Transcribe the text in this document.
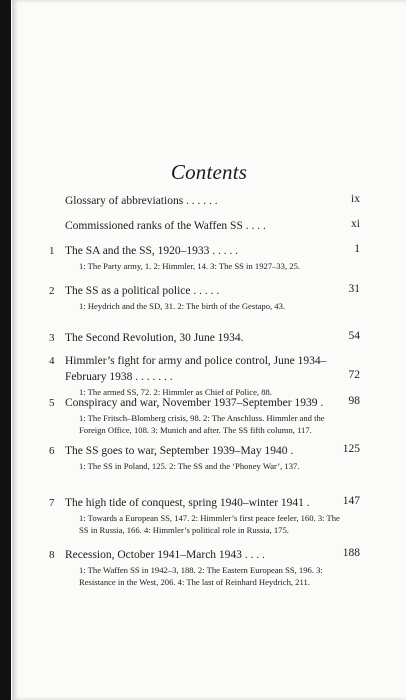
Contents
Glossary of abbreviations . . . . . .	ix
Commissioned ranks of the Waffen SS . . . .	xi
1 The SA and the SS, 1920–1933 . . . . .	1
1: The Party army, 1. 2: Himmler, 14. 3: The SS in 1927–33, 25.
2 The SS as a political police . . . . .	31
1: Heydrich and the SD, 31. 2: The birth of the Gestapo, 43.
3 The Second Revolution, 30 June 1934.	54
4 Himmler’s fight for army and police control, June 1934–
February 1938 . . . . . . .	72
1: The armed SS, 72. 2: Himmler as Chief of Police, 88.
5 Conspiracy and war, November 1937–September 1939 .	98
1: The Fritsch–Blomberg crisis, 98. 2: The Anschluss. Himmler and the Foreign Office, 108. 3: Munich and after. The SS fifth column, 117.
6 The SS goes to war, September 1939–May 1940 .	125
1: The SS in Poland, 125. 2: The SS and the ‘Phoney War’, 137.
7 The high tide of conquest, spring 1940–winter 1941 .	147
1: Towards a European SS, 147. 2: Himmler’s first peace feeler, 160. 3: The SS in Russia, 166. 4: Himmler’s political role in Russia, 175.
8 Recession, October 1941–March 1943 . . . .	188
1: The Waffen SS in 1942–3, 188. 2: The Eastern European SS, 196. 3: Resistance in the West, 206. 4: The last of Reinhard Heydrich, 211.
